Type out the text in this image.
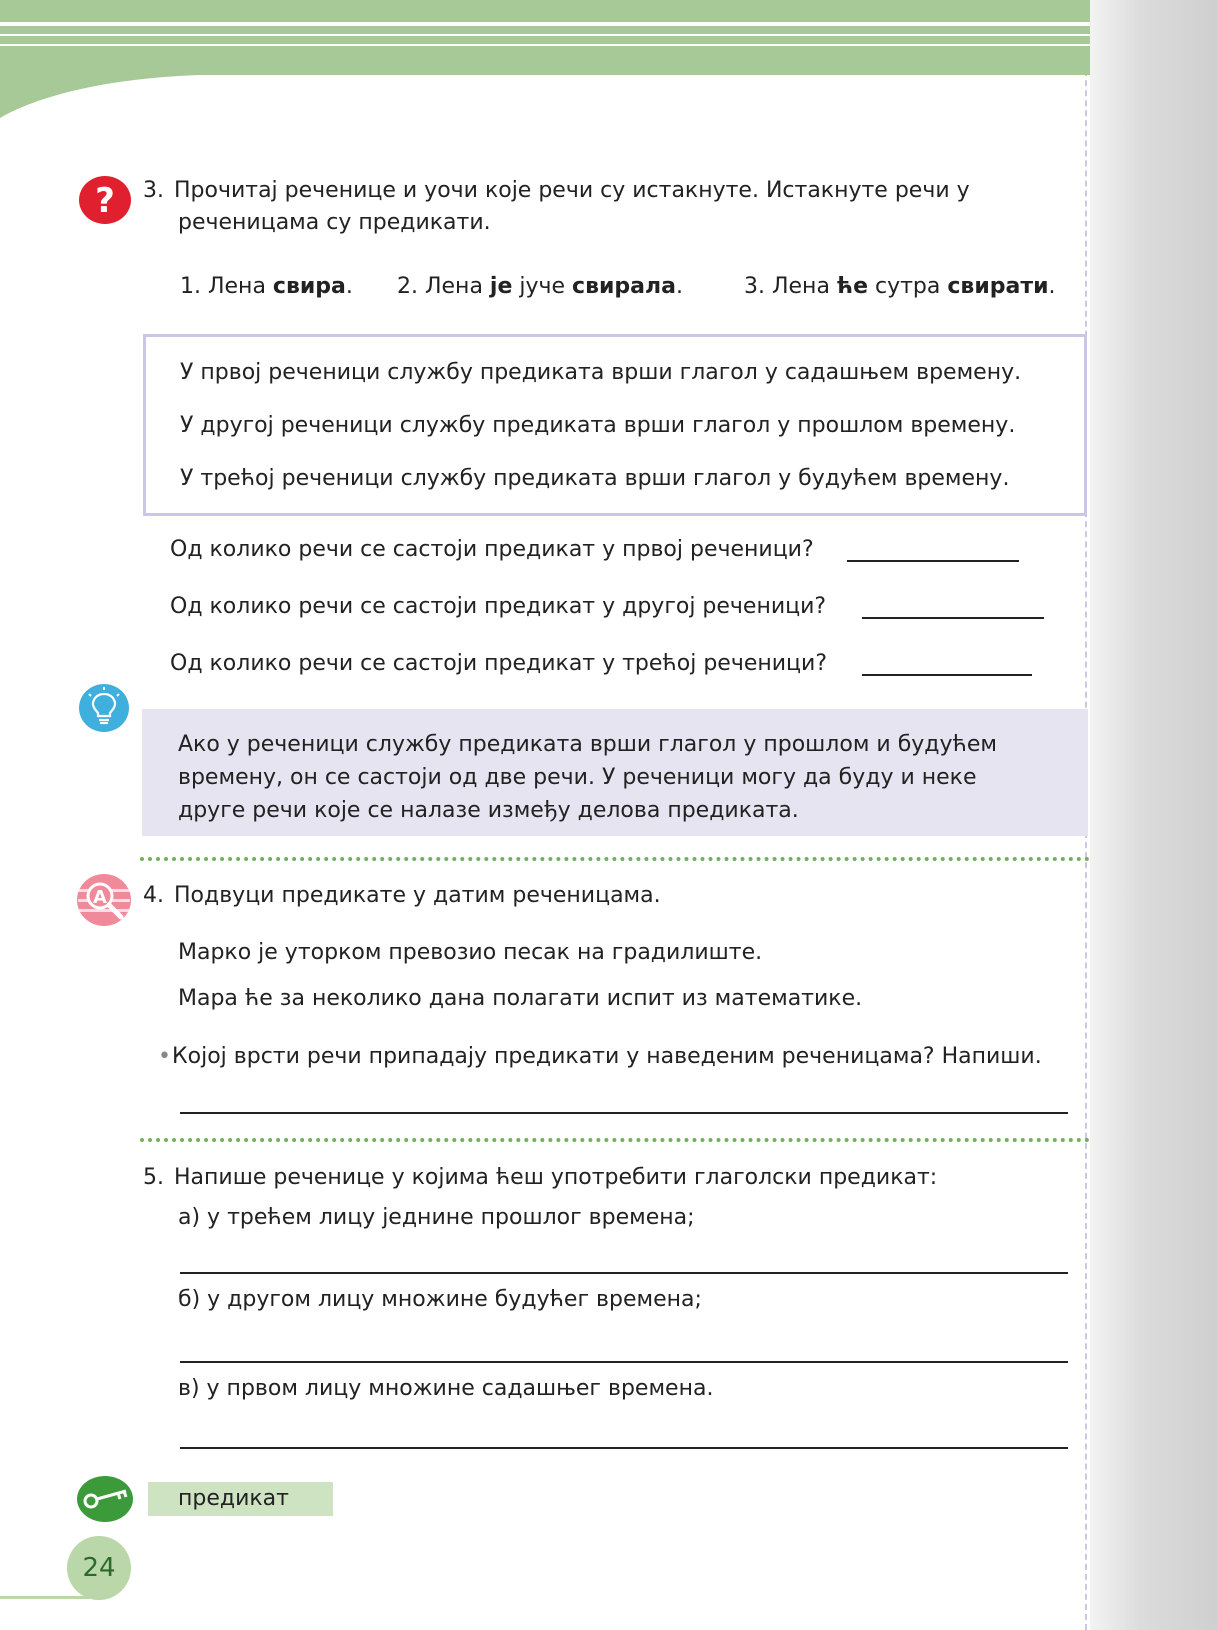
? 3. Прочитај реченице и уочи које речи су истакнуте. Истакнуте речи у
реченицама су предикати.
1. Лена свира. 2. Лена је јуче свирала.	3. Лена ће сутра свирати.
У првој реченици службу предиката врши глагол у садашњем времену.
У другој реченици службу предиката врши глагол у прошлом времену.
У трећој реченици службу предиката врши глагол у будућем времену.
Од колико речи се састоји предикат у првој реченици?
Од колико речи се састоји предикат у другој реченици?
Од колико речи се састоји предикат у трећој реченици?
Ако у реченици службу предиката врши глагол у прошлом и будућем
времену, он се састоји од две речи. У реченици могу да буду и неке
друге речи које се налазе између делова предиката.
A 4. Подвуци предикате у датим реченицама.
Марко је уторком превозио песак на градилиште.
Мара ће за неколико дана полагати испит из математике.
• Којој врсти речи припадају предикати у наведеним реченицама? Напиши.
5. Напише реченице у којима ћеш употребити глаголски предикат:
а) у трећем лицу једнине прошлог времена;
б) у другом лицу множине будућег времена;
в) у првом лицу множине садашњег времена.
предикат
24
